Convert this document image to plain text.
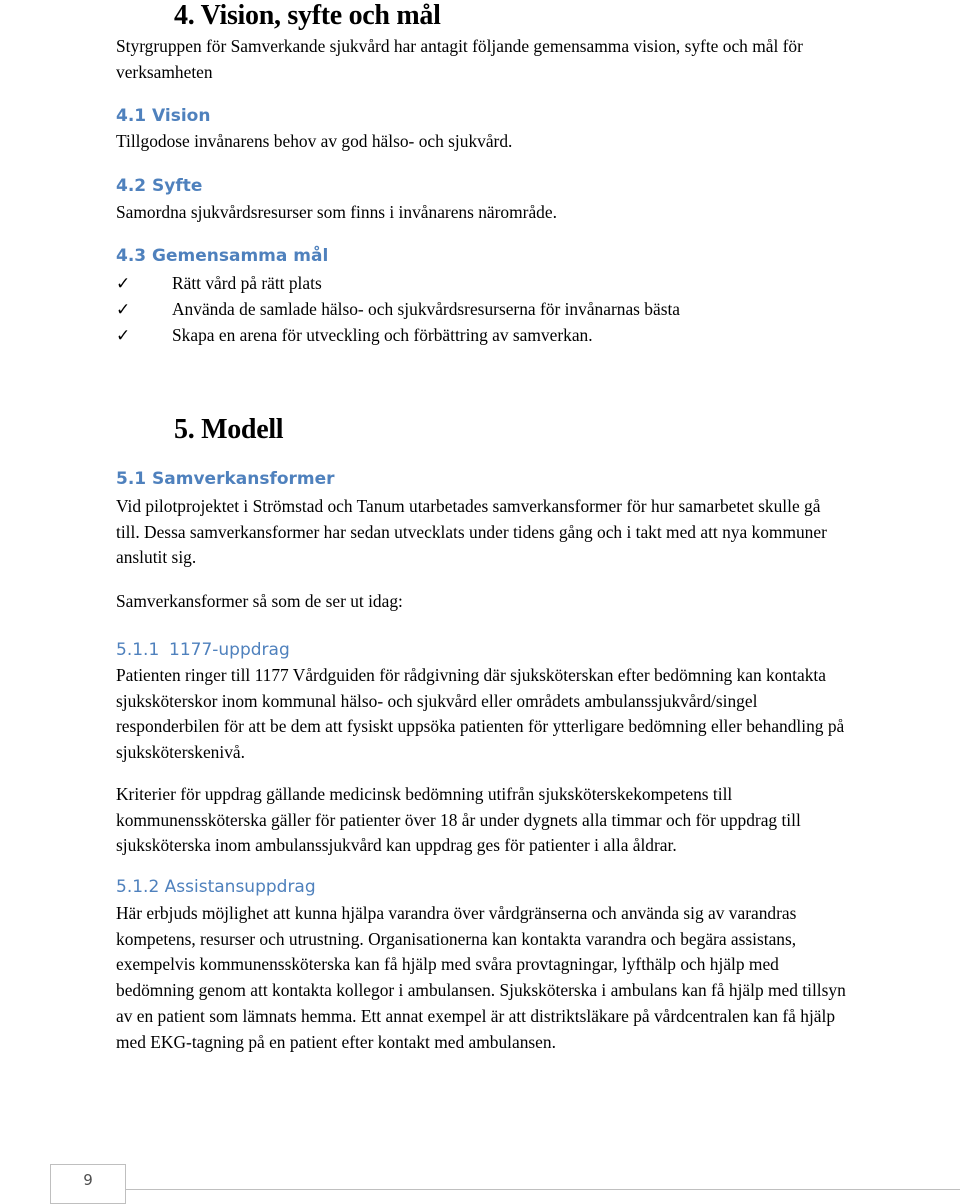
4. Vision, syfte och mål

Styrgruppen för Samverkande sjukvård har antagit följande gemensamma vision, syfte och mål för verksamheten

4.1 Vision

Tillgodose invånarens behov av god hälso- och sjukvård.

4.2 Syfte

Samordna sjukvårdsresurser som finns i invånarens närområde.

4.3 Gemensamma mål
✓ Rätt vård på rätt plats
✓ Använda de samlade hälso- och sjukvårdsresurserna för invånarnas bästa
✓ Skapa en arena för utveckling och förbättring av samverkan.
5. Modell
5.1 Samverkansformer

Vid pilotprojektet i Strömstad och Tanum utarbetades samverkansformer för hur samarbetet skulle gå till. Dessa samverkansformer har sedan utvecklats under tidens gång och i takt med att nya kommuner anslutit sig.

Samverkansformer så som de ser ut idag:

5.1.1 1177-uppdrag

Patienten ringer till 1177 Vårdguiden för rådgivning där sjuksköterskan efter bedömning kan kontakta sjuksköterskor inom kommunal hälso- och sjukvård eller områdets ambulanssjukvård/singel responderbilen för att be dem att fysiskt uppsöka patienten för ytterligare bedömning eller behandling på sjuksköterskenivå.

Kriterier för uppdrag gällande medicinsk bedömning utifrån sjuksköterskekompetens till kommunenssköterska gäller för patienter över 18 år under dygnets alla timmar och för uppdrag till sjuksköterska inom ambulanssjukvård kan uppdrag ges för patienter i alla åldrar.

5.1.2 Assistansuppdrag

Här erbjuds möjlighet att kunna hjälpa varandra över vårdgränserna och använda sig av varandras kompetens, resurser och utrustning. Organisationerna kan kontakta varandra och begära assistans, exempelvis kommunenssköterska kan få hjälp med svåra provtagningar, lyfthälp och hjälp med bedömning genom att kontakta kollegor i ambulansen. Sjuksköterska i ambulans kan få hjälp med tillsyn av en patient som lämnats hemma. Ett annat exempel är att distriktsläkare på vårdcentralen kan få hjälp med EKG-tagning på en patient efter kontakt med ambulansen.

9
